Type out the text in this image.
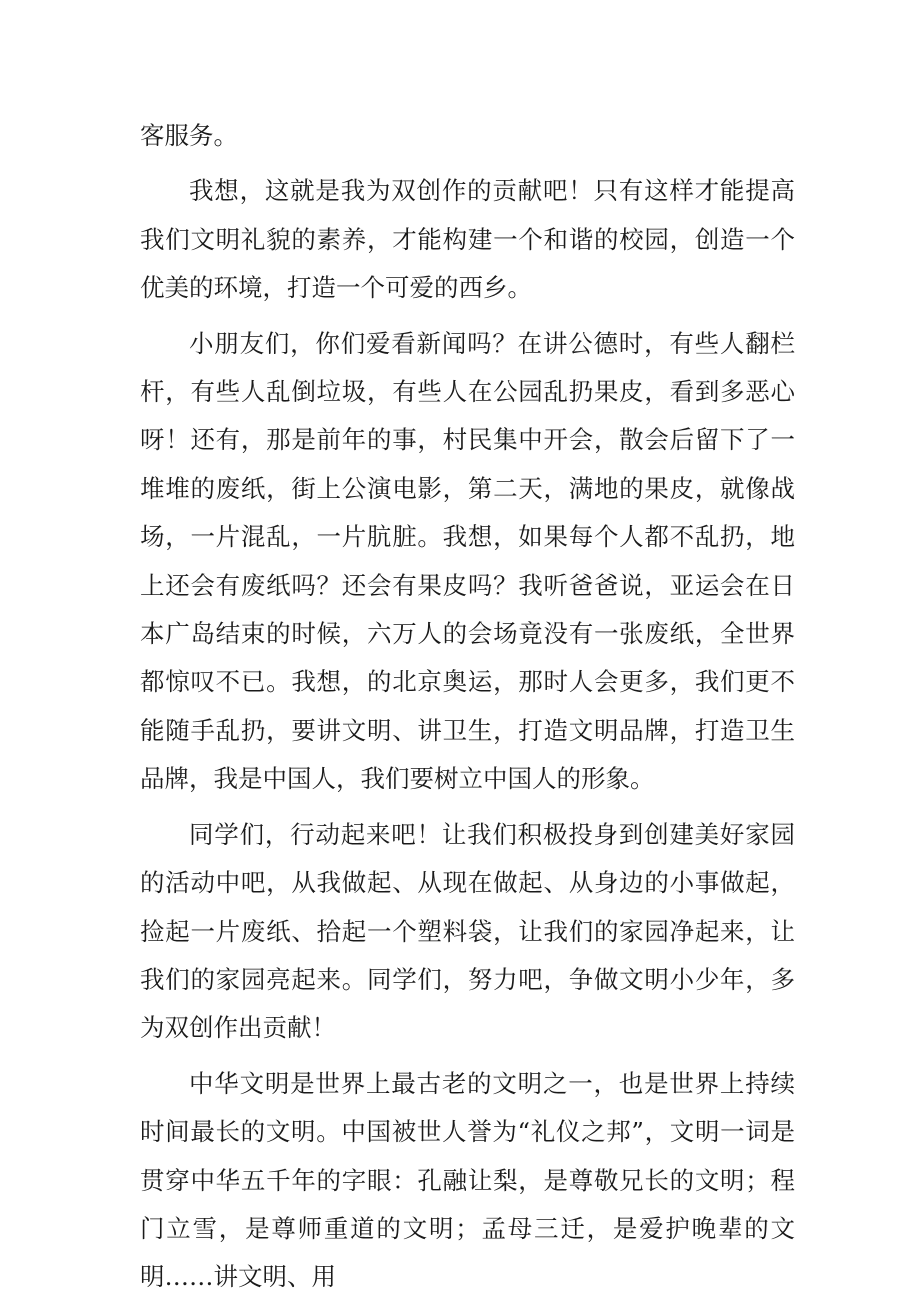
客服务。

我想，这就是我为双创作的贡献吧！只有这样才能提高我们文明礼貌的素养，才能构建一个和谐的校园，创造一个优美的环境，打造一个可爱的西乡。

小朋友们，你们爱看新闻吗？在讲公德时，有些人翻栏杆，有些人乱倒垃圾，有些人在公园乱扔果皮，看到多恶心呀！还有，那是前年的事，村民集中开会，散会后留下了一堆堆的废纸，街上公演电影，第二天，满地的果皮，就像战场，一片混乱，一片肮脏。我想，如果每个人都不乱扔，地上还会有废纸吗？还会有果皮吗？我听爸爸说，亚运会在日本广岛结束的时候，六万人的会场竟没有一张废纸，全世界都惊叹不已。我想，的北京奥运，那时人会更多，我们更不能随手乱扔，要讲文明、讲卫生，打造文明品牌，打造卫生品牌，我是中国人，我们要树立中国人的形象。

同学们，行动起来吧！让我们积极投身到创建美好家园的活动中吧，从我做起、从现在做起、从身边的小事做起，捡起一片废纸、拾起一个塑料袋，让我们的家园净起来，让我们的家园亮起来。同学们，努力吧，争做文明小少年，多为双创作出贡献！

中华文明是世界上最古老的文明之一，也是世界上持续时间最长的文明。中国被世人誉为“礼仪之邦”，文明一词是贯穿中华五千年的字眼：孔融让梨，是尊敬兄长的文明；程门立雪，是尊师重道的文明；孟母三迁，是爱护晚辈的文明……讲文明、用
